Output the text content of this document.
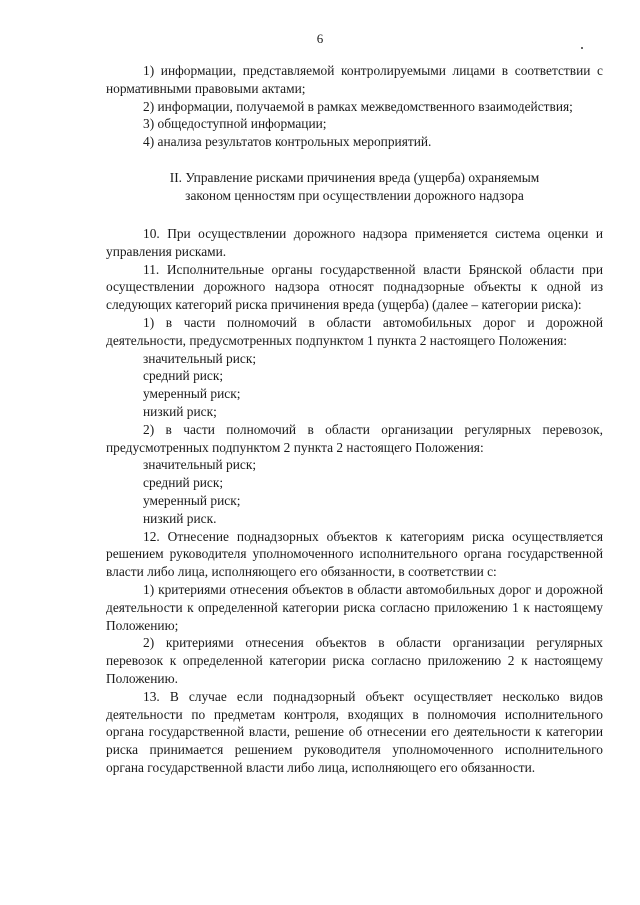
6

1) информации, представляемой контролируемыми лицами в соответствии с нормативными правовыми актами;

2) информации, получаемой в рамках межведомственного взаимодействия;

3) общедоступной информации;

4) анализа результатов контрольных мероприятий.

II. Управление рисками причинения вреда (ущерба) охраняемым
законом ценностям при осуществлении дорожного надзора

10. При осуществлении дорожного надзора применяется система оценки и управления рисками.

11. Исполнительные органы государственной власти Брянской области при осуществлении дорожного надзора относят поднадзорные объекты к одной из следующих категорий риска причинения вреда (ущерба) (далее – категории риска):

1) в части полномочий в области автомобильных дорог и дорожной деятельности, предусмотренных подпунктом 1 пункта 2 настоящего Положения:

значительный риск;

средний риск;

умеренный риск;

низкий риск;

2) в части полномочий в области организации регулярных перевозок, предусмотренных подпунктом 2 пункта 2 настоящего Положения:

значительный риск;

средний риск;

умеренный риск;

низкий риск.

12. Отнесение поднадзорных объектов к категориям риска осуществляется решением руководителя уполномоченного исполнительного органа государственной власти либо лица, исполняющего его обязанности, в соответствии с:

1) критериями отнесения объектов в области автомобильных дорог и дорожной деятельности к определенной категории риска согласно приложению 1 к настоящему Положению;

2) критериями отнесения объектов в области организации регулярных перевозок к определенной категории риска согласно приложению 2 к настоящему Положению.

13. В случае если поднадзорный объект осуществляет несколько видов деятельности по предметам контроля, входящих в полномочия исполнительного органа государственной власти, решение об отнесении его деятельности к категории риска принимается решением руководителя уполномоченного исполнительного органа государственной власти либо лица, исполняющего его обязанности.
